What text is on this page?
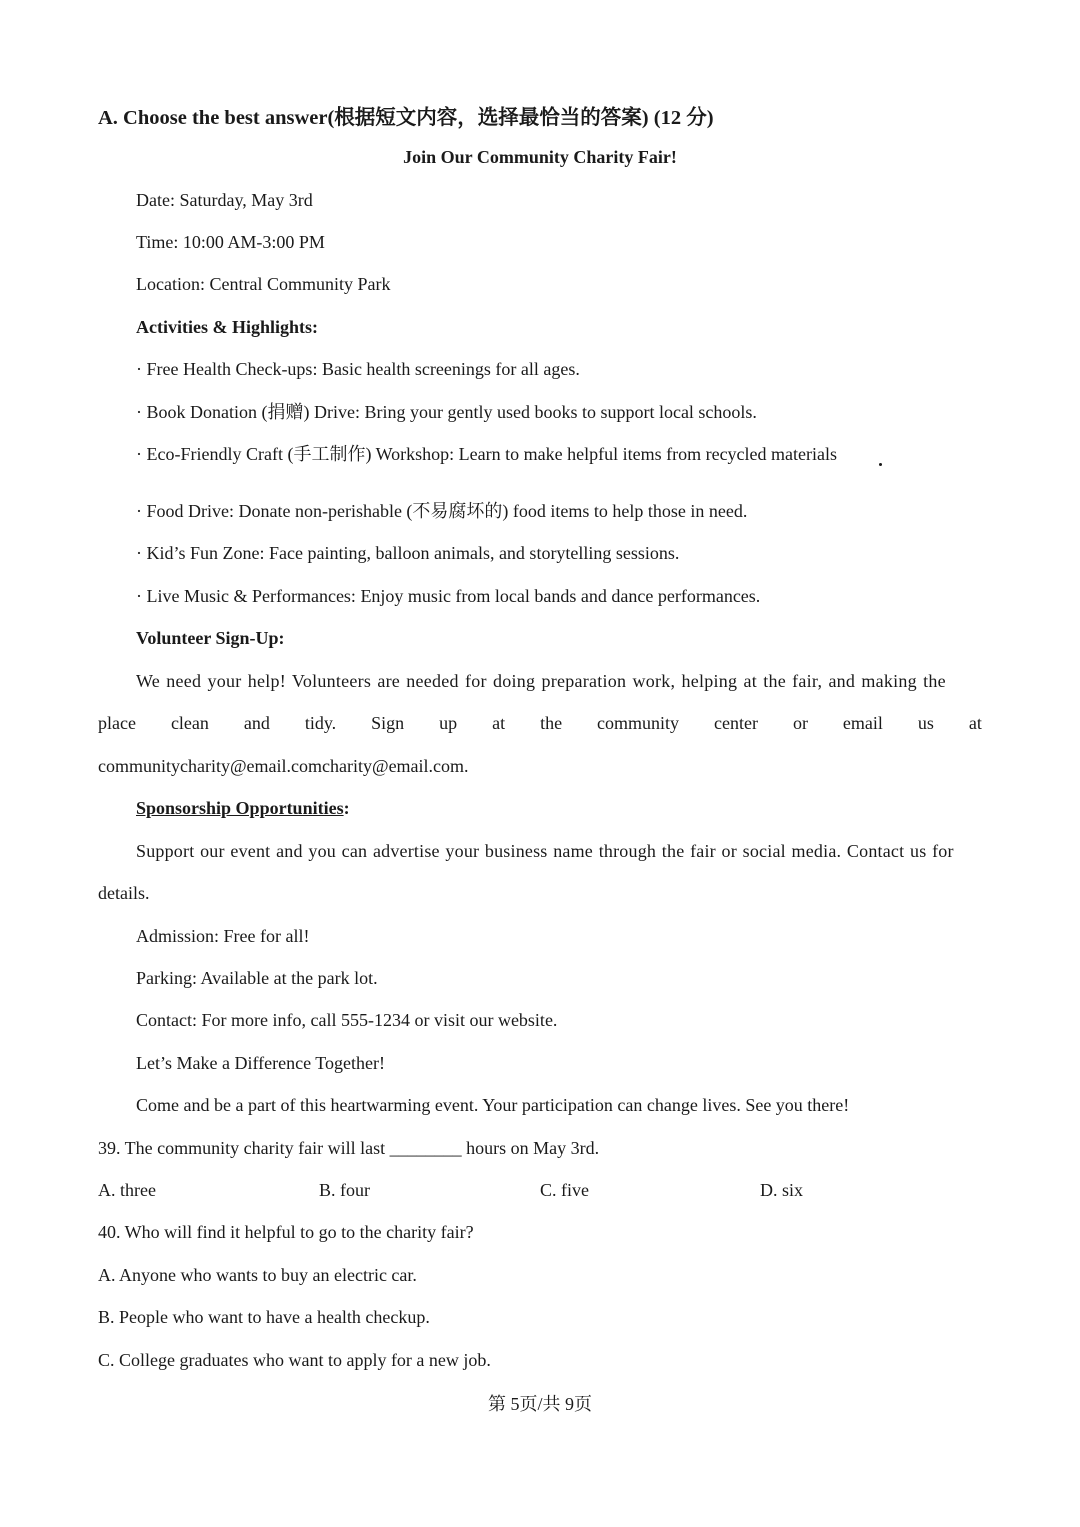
A. Choose the best answer(根据短文内容，选择最恰当的答案) (12 分)
Join Our Community Charity Fair!
Date: Saturday, May 3rd
Time: 10:00 AM-3:00 PM
Location: Central Community Park
Activities & Highlights:
· Free Health Check-ups: Basic health screenings for all ages.
· Book Donation (捐赠) Drive: Bring your gently used books to support local schools.
· Eco-Friendly Craft (手工制作) Workshop: Learn to make helpful items from recycled materials
· Food Drive: Donate non-perishable (不易腐坏的) food items to help those in need.
· Kid’s Fun Zone: Face painting, balloon animals, and storytelling sessions.
· Live Music & Performances: Enjoy music from local bands and dance performances.
Volunteer Sign-Up:
We need your help! Volunteers are needed for doing preparation work, helping at the fair, and making the
place clean and tidy. Sign up at the community center or email us at
communitycharity@email.comcharity@email.com.
Sponsorship Opportunities:
Support our event and you can advertise your business name through the fair or social media. Contact us for
details.
Admission: Free for all!
Parking: Available at the park lot.
Contact: For more info, call 555-1234 or visit our website.
Let’s Make a Difference Together!
Come and be a part of this heartwarming event. Your participation can change lives. See you there!
39. The community charity fair will last ________ hours on May 3rd.
A. three	B. four	C. five	D. six
40. Who will find it helpful to go to the charity fair?
A. Anyone who wants to buy an electric car.
B. People who want to have a health checkup.
C. College graduates who want to apply for a new job.
第 5页/共 9页
